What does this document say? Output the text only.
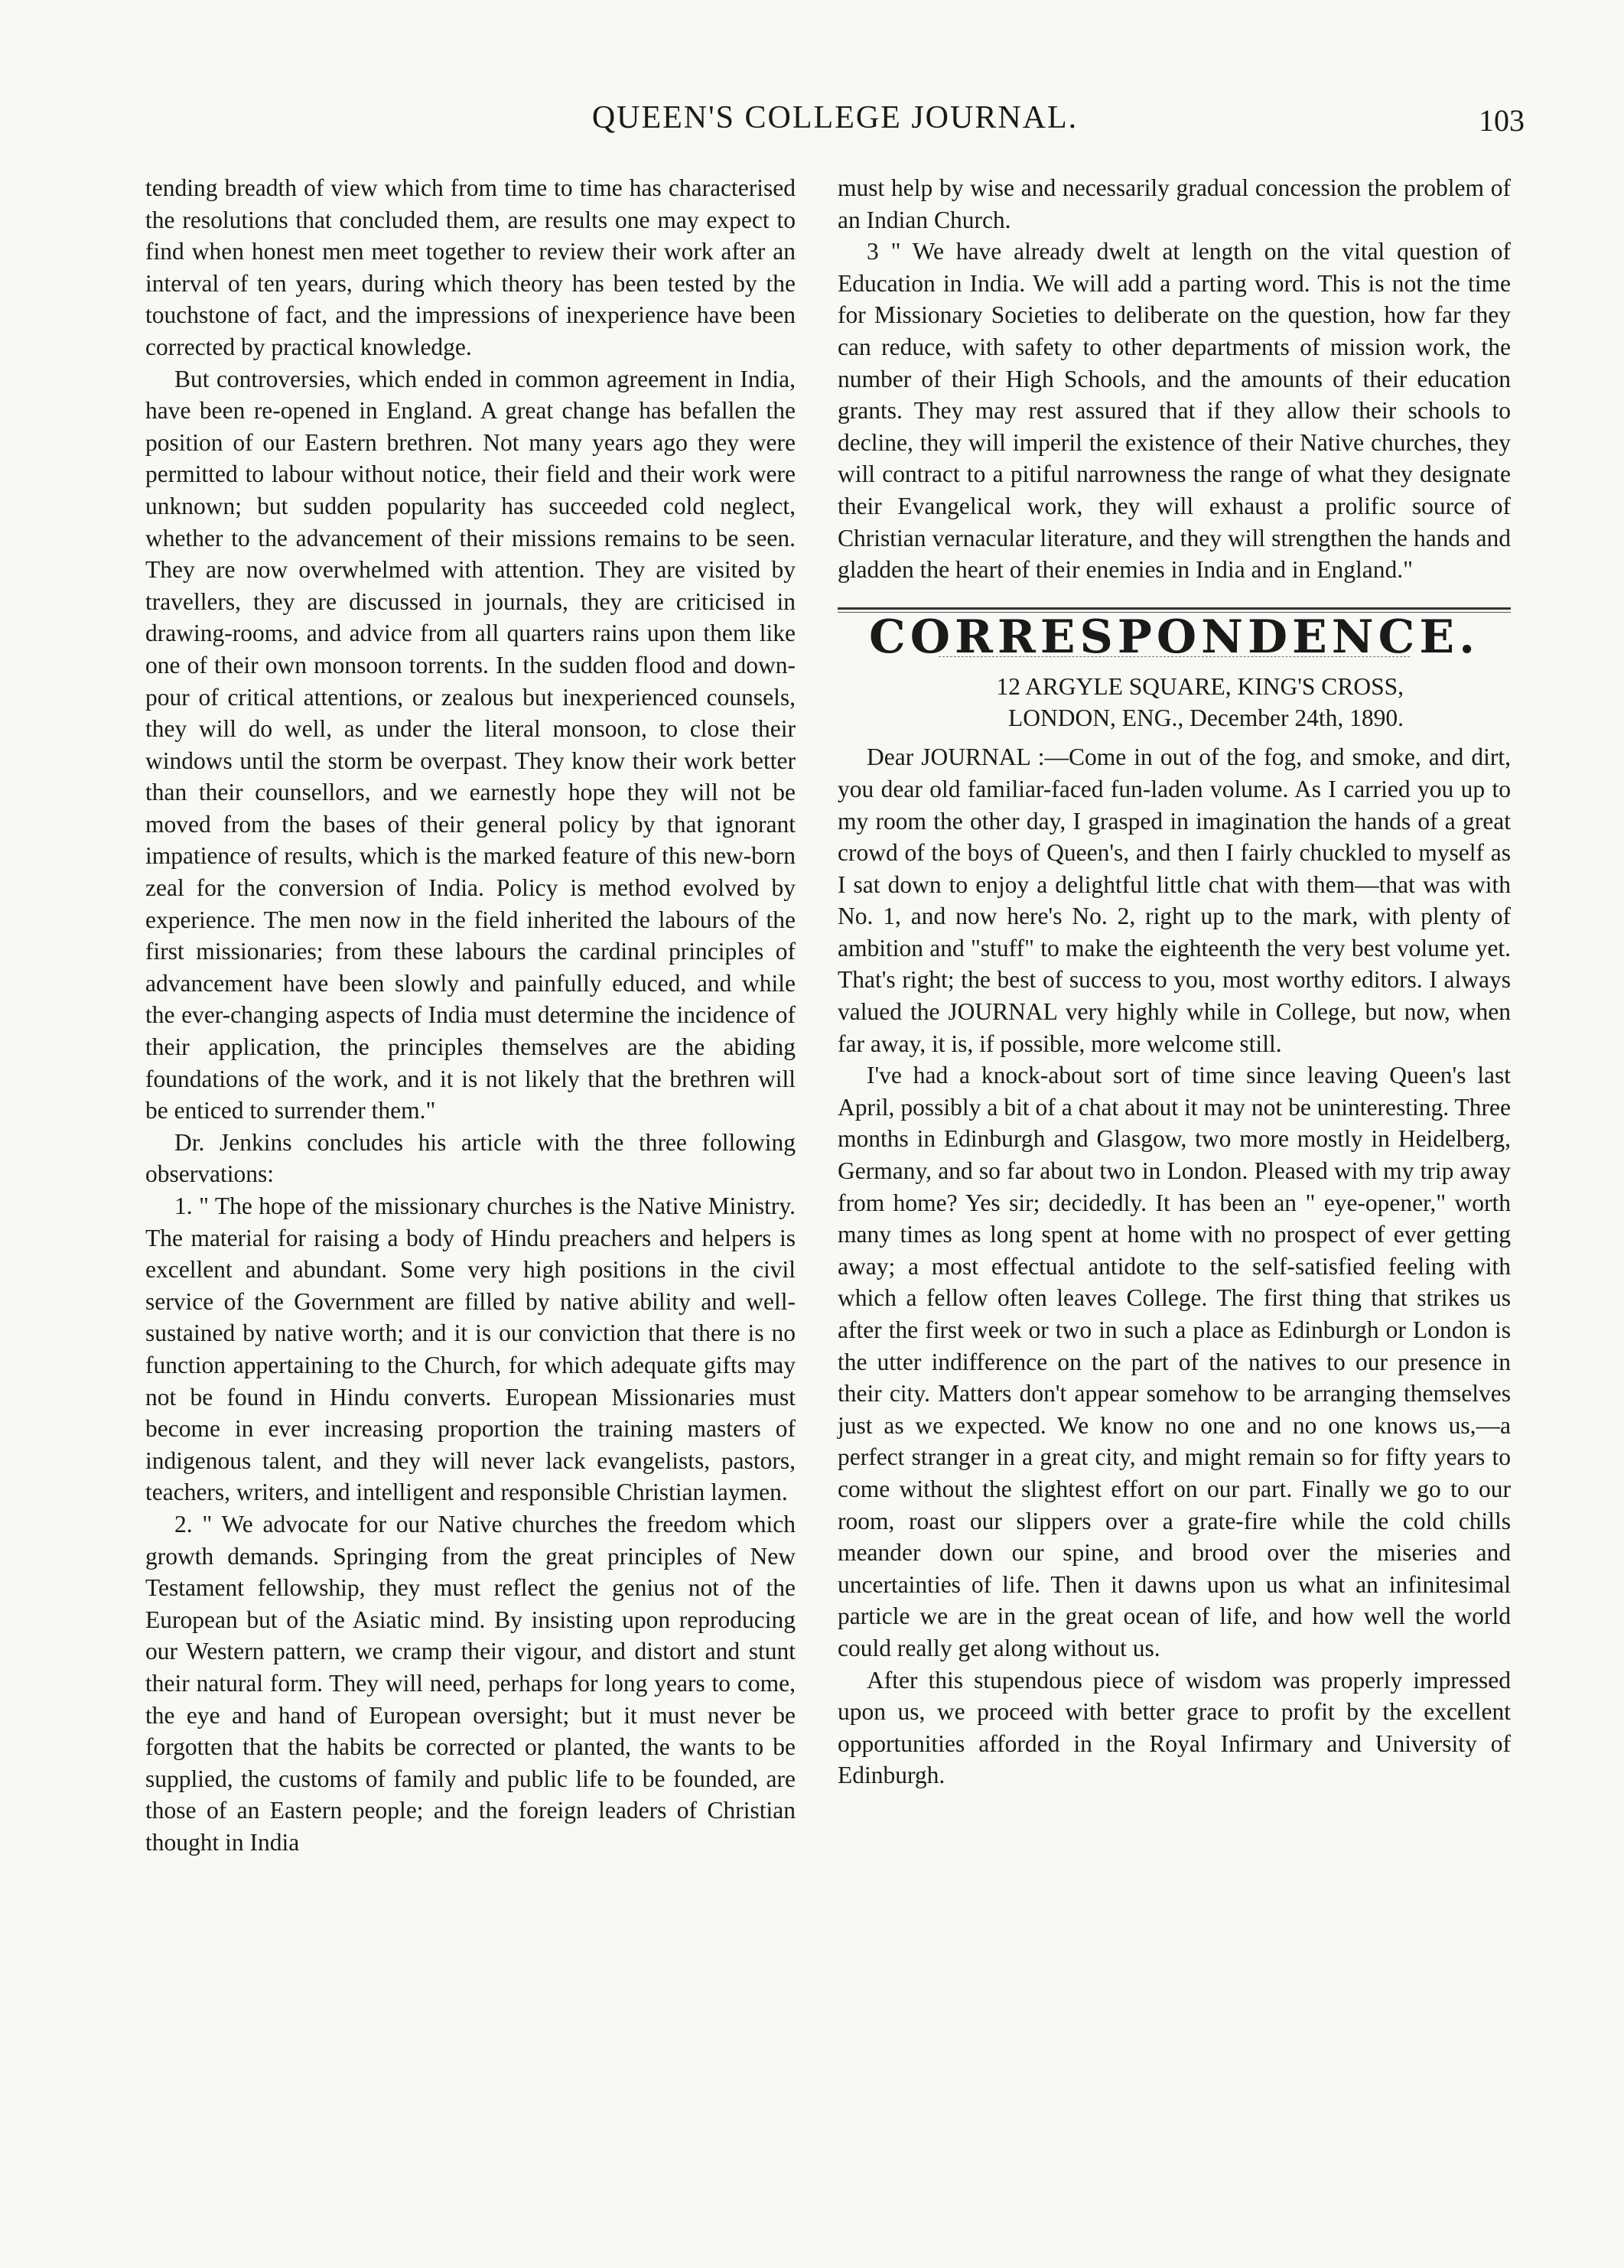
QUEEN'S COLLEGE JOURNAL.	103

tending breadth of view which from time to time has characterised the resolutions that concluded them, are results one may expect to find when honest men meet together to review their work after an interval of ten years, during which theory has been tested by the touchstone of fact, and the impressions of inexperience have been corrected by practical knowledge.

But controversies, which ended in common agreement in India, have been re-opened in England. A great change has befallen the position of our Eastern brethren. Not many years ago they were permitted to labour without notice, their field and their work were unknown; but sudden popularity has succeeded cold neglect, whether to the advancement of their missions remains to be seen. They are now overwhelmed with attention. They are visited by travellers, they are discussed in journals, they are criticised in drawing-rooms, and advice from all quarters rains upon them like one of their own monsoon torrents. In the sudden flood and down-pour of critical attentions, or zealous but inexperienced counsels, they will do well, as under the literal monsoon, to close their windows until the storm be overpast. They know their work better than their counsellors, and we earnestly hope they will not be moved from the bases of their general policy by that ignorant impatience of results, which is the marked feature of this new-born zeal for the conversion of India. Policy is method evolved by experience. The men now in the field inherited the labours of the first missionaries; from these labours the cardinal principles of advancement have been slowly and painfully educed, and while the ever-changing aspects of India must determine the incidence of their application, the principles themselves are the abiding foundations of the work, and it is not likely that the brethren will be enticed to surrender them."

Dr. Jenkins concludes his article with the three following observations:

1. " The hope of the missionary churches is the Native Ministry. The material for raising a body of Hindu preachers and helpers is excellent and abundant. Some very high positions in the civil service of the Government are filled by native ability and well-sustained by native worth; and it is our conviction that there is no function appertaining to the Church, for which adequate gifts may not be found in Hindu converts. European Missionaries must become in ever increasing proportion the training masters of indigenous talent, and they will never lack evangelists, pastors, teachers, writers, and intelligent and responsible Christian laymen.

2. " We advocate for our Native churches the freedom which growth demands. Springing from the great principles of New Testament fellowship, they must reflect the genius not of the European but of the Asiatic mind. By insisting upon reproducing our Western pattern, we cramp their vigour, and distort and stunt their natural form. They will need, perhaps for long years to come, the eye and hand of European oversight; but it must never be forgotten that the habits be corrected or planted, the wants to be supplied, the customs of family and public life to be founded, are those of an Eastern people; and the foreign leaders of Christian thought in India

must help by wise and necessarily gradual concession the problem of an Indian Church.

3 " We have already dwelt at length on the vital question of Education in India. We will add a parting word. This is not the time for Missionary Societies to deliberate on the question, how far they can reduce, with safety to other departments of mission work, the number of their High Schools, and the amounts of their education grants. They may rest assured that if they allow their schools to decline, they will imperil the existence of their Native churches, they will contract to a pitiful narrowness the range of what they designate their Evangelical work, they will exhaust a prolific source of Christian vernacular literature, and they will strengthen the hands and gladden the heart of their enemies in India and in England."

CORRESPONDENCE.
12 ARGYLE SQUARE, KING'S CROSS,
LONDON, ENG., December 24th, 1890.

Dear JOURNAL :—Come in out of the fog, and smoke, and dirt, you dear old familiar-faced fun-laden volume. As I carried you up to my room the other day, I grasped in imagination the hands of a great crowd of the boys of Queen's, and then I fairly chuckled to myself as I sat down to enjoy a delightful little chat with them—that was with No. 1, and now here's No. 2, right up to the mark, with plenty of ambition and "stuff" to make the eighteenth the very best volume yet. That's right; the best of success to you, most worthy editors. I always valued the JOURNAL very highly while in College, but now, when far away, it is, if possible, more welcome still.

I've had a knock-about sort of time since leaving Queen's last April, possibly a bit of a chat about it may not be uninteresting. Three months in Edinburgh and Glasgow, two more mostly in Heidelberg, Germany, and so far about two in London. Pleased with my trip away from home? Yes sir; decidedly. It has been an " eye-opener," worth many times as long spent at home with no prospect of ever getting away; a most effectual antidote to the self-satisfied feeling with which a fellow often leaves College. The first thing that strikes us after the first week or two in such a place as Edinburgh or London is the utter indifference on the part of the natives to our presence in their city. Matters don't appear somehow to be arranging themselves just as we expected. We know no one and no one knows us,—a perfect stranger in a great city, and might remain so for fifty years to come without the slightest effort on our part. Finally we go to our room, roast our slippers over a grate-fire while the cold chills meander down our spine, and brood over the miseries and uncertainties of life. Then it dawns upon us what an infinitesimal particle we are in the great ocean of life, and how well the world could really get along without us.

After this stupendous piece of wisdom was properly impressed upon us, we proceed with better grace to profit by the excellent opportunities afforded in the Royal Infirmary and University of Edinburgh.
